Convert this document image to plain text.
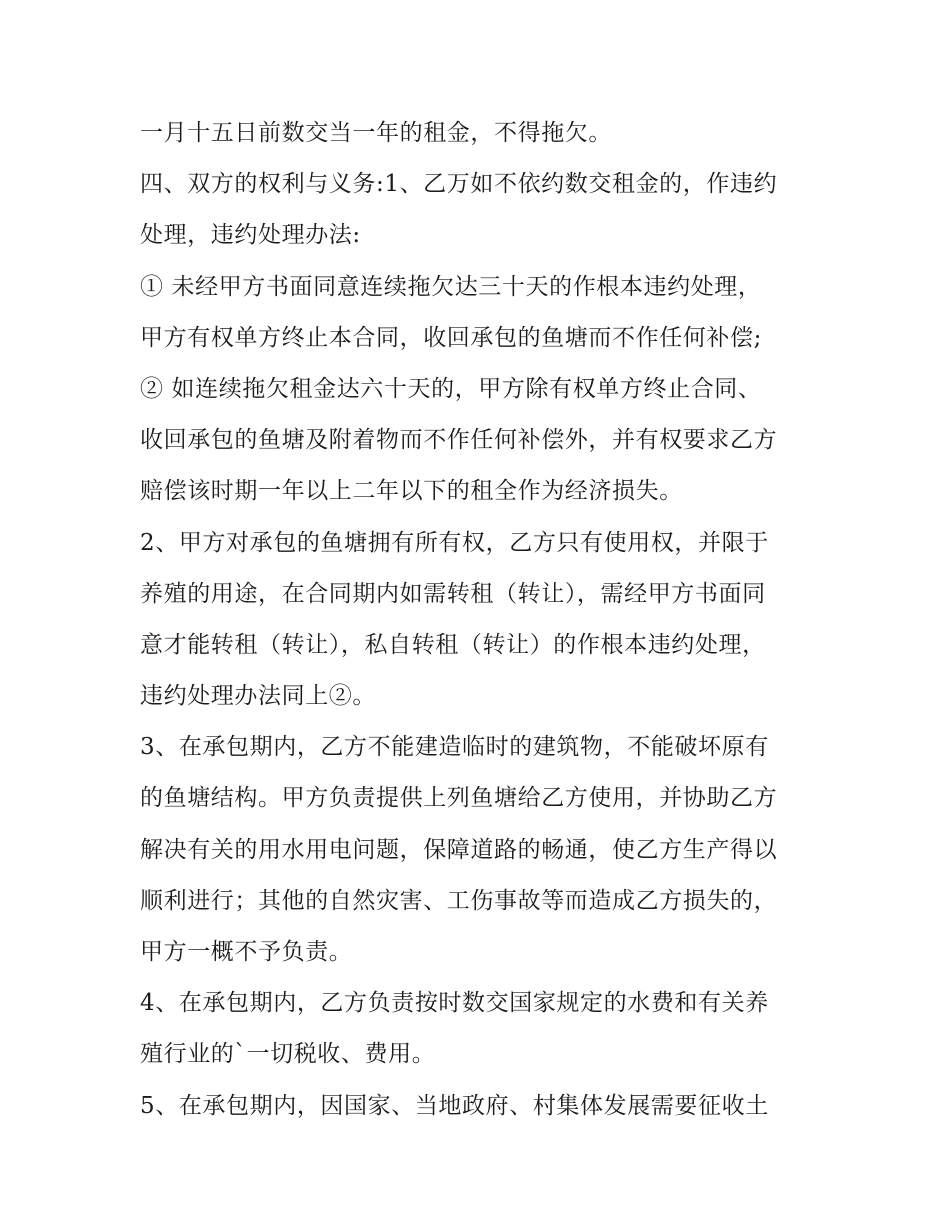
一月十五日前数交当一年的租金，不得拖欠。
四、双方的权利与义务:1、乙万如不依约数交租金的，作违约
处理，违约处理办法:
① 未经甲方书面同意连续拖欠达三十天的作根本违约处理，
甲方有权单方终止本合同，收回承包的鱼塘而不作任何补偿;
② 如连续拖欠租金达六十天的，甲方除有权单方终止合同、
收回承包的鱼塘及附着物而不作任何补偿外，并有权要求乙方
赔偿该时期一年以上二年以下的租全作为经济损失。
2、甲方对承包的鱼塘拥有所有权，乙方只有使用权，并限于
养殖的用途，在合同期内如需转租（转让），需经甲方书面同
意才能转租（转让），私自转租（转让）的作根本违约处理，
违约处理办法同上②。
3、在承包期内，乙方不能建造临时的建筑物，不能破坏原有
的鱼塘结构。甲方负责提供上列鱼塘给乙方使用，并协助乙方
解决有关的用水用电问题，保障道路的畅通，使乙方生产得以
顺利进行；其他的自然灾害、工伤事故等而造成乙方损失的，
甲方一概不予负责。
4、在承包期内，乙方负责按时数交国家规定的水费和有关养
殖行业的`一切税收、费用。
5、在承包期内，因国家、当地政府、村集体发展需要征收土
